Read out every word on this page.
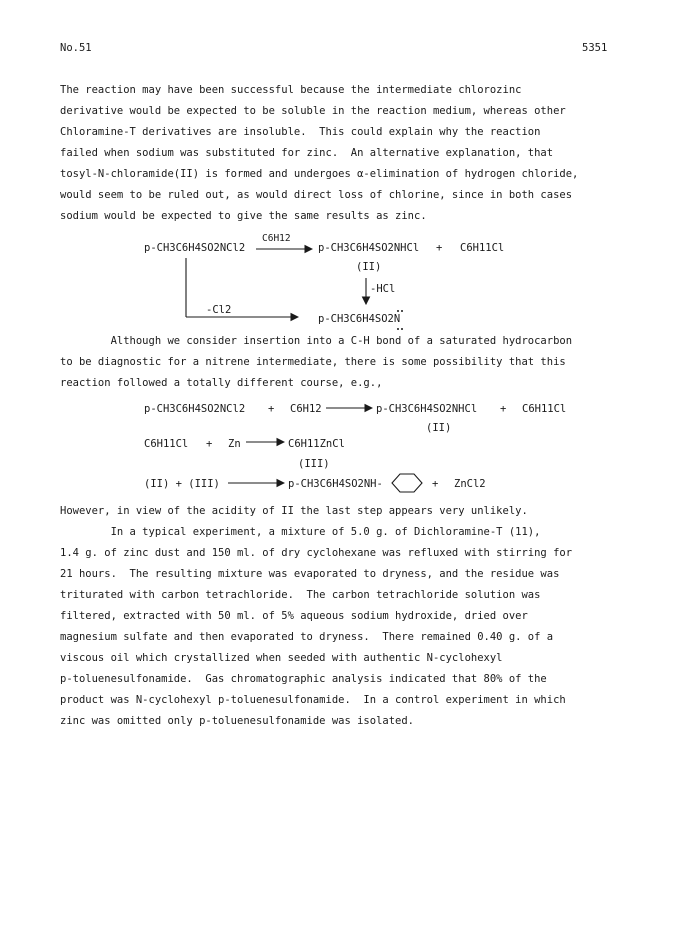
No.51	5351
The reaction may have been successful because the intermediate chlorozinc
derivative would be expected to be soluble in the reaction medium, whereas other
Chloramine-T derivatives are insoluble.  This could explain why the reaction
failed when sodium was substituted for zinc.  An alternative explanation, that
tosyl-N-chloramide(II) is formed and undergoes α-elimination of hydrogen chloride,
would seem to be ruled out, as would direct loss of chlorine, since in both cases
sodium would be expected to give the same results as zinc.
p-CH3C6H4SO2NCl2
C6H12
p-CH3C6H4SO2NHCl + C6H11Cl
(II)
-HCl
-Cl2
p-CH3C6H4SO2N
Although we consider insertion into a C-H bond of a saturated hydrocarbon
to be diagnostic for a nitrene intermediate, there is some possibility that this
reaction followed a totally different course, e.g.,
p-CH3C6H4SO2NCl2 + C6H12	p-CH3C6H4SO2NHCl + C6H11Cl
(II)
C6H11Cl + Zn	C6H11ZnCl
(III)
(II) + (III)	p-CH3C6H4SO2NH-	+ ZnCl2
However, in view of the acidity of II the last step appears very unlikely.
In a typical experiment, a mixture of 5.0 g. of Dichloramine-T (11),
1.4 g. of zinc dust and 150 ml. of dry cyclohexane was refluxed with stirring for
21 hours.  The resulting mixture was evaporated to dryness, and the residue was
triturated with carbon tetrachloride.  The carbon tetrachloride solution was
filtered, extracted with 50 ml. of 5% aqueous sodium hydroxide, dried over
magnesium sulfate and then evaporated to dryness.  There remained 0.40 g. of a
viscous oil which crystallized when seeded with authentic N-cyclohexyl
p-toluenesulfonamide.  Gas chromatographic analysis indicated that 80% of the
product was N-cyclohexyl p-toluenesulfonamide.  In a control experiment in which
zinc was omitted only p-toluenesulfonamide was isolated.
